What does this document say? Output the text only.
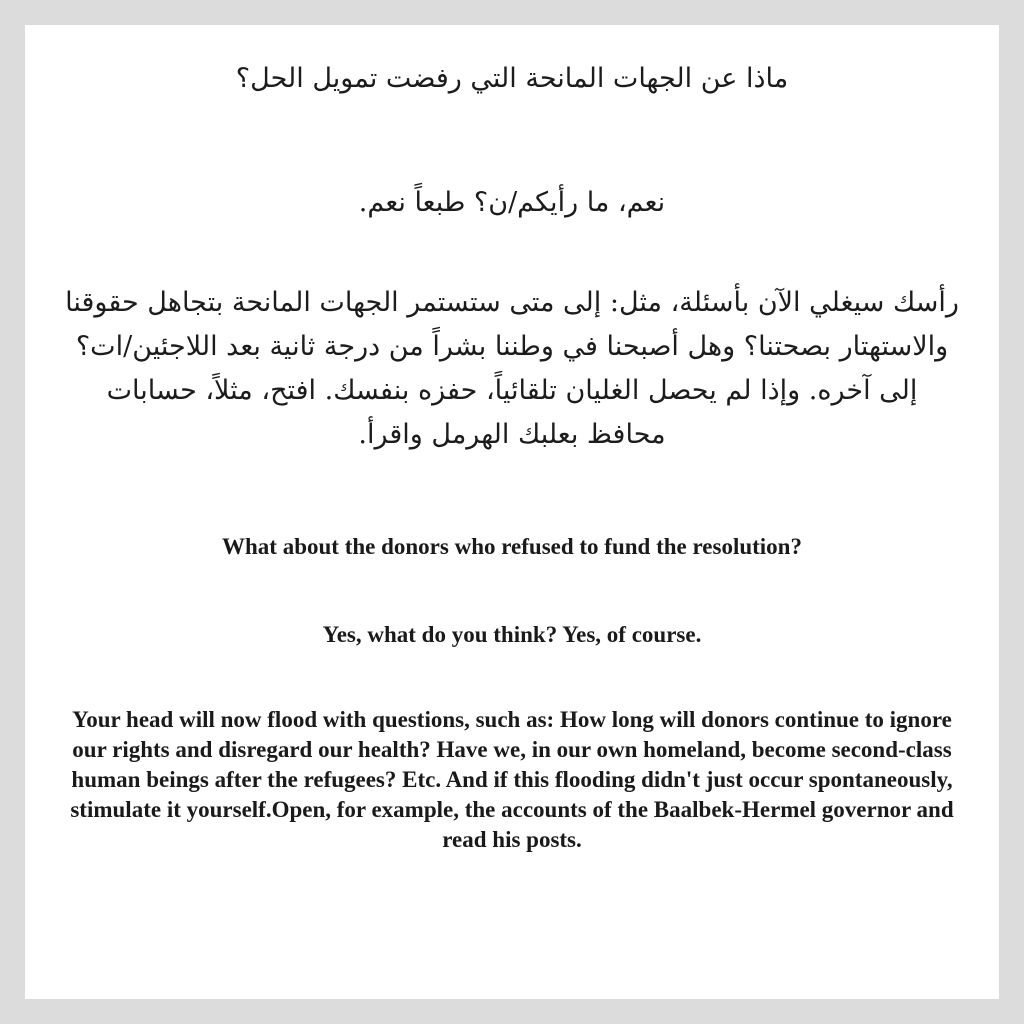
ماذا عن الجهات المانحة التي رفضت تمويل الحل؟
نعم، ما رأيكم/ن؟ طبعاً نعم.
رأسك سيغلي الآن بأسئلة، مثل: إلى متى ستستمر الجهات المانحة بتجاهل حقوقنا والاستهتار بصحتنا؟ وهل أصبحنا في وطننا بشراً من درجة ثانية بعد اللاجئين/ات؟ إلى آخره. وإذا لم يحصل الغليان تلقائياً، حفزه بنفسك. افتح، مثلاً، حسابات محافظ بعلبك الهرمل واقرأ.
What about the donors who refused to fund the resolution?
Yes, what do you think? Yes, of course.
Your head will now flood with questions, such as: How long will donors continue to ignore our rights and disregard our health? Have we, in our own homeland, become second-class human beings after the refugees? Etc. And if this flooding didn't just occur spontaneously, stimulate it yourself.Open, for example, the accounts of the Baalbek-Hermel governor and read his posts.
